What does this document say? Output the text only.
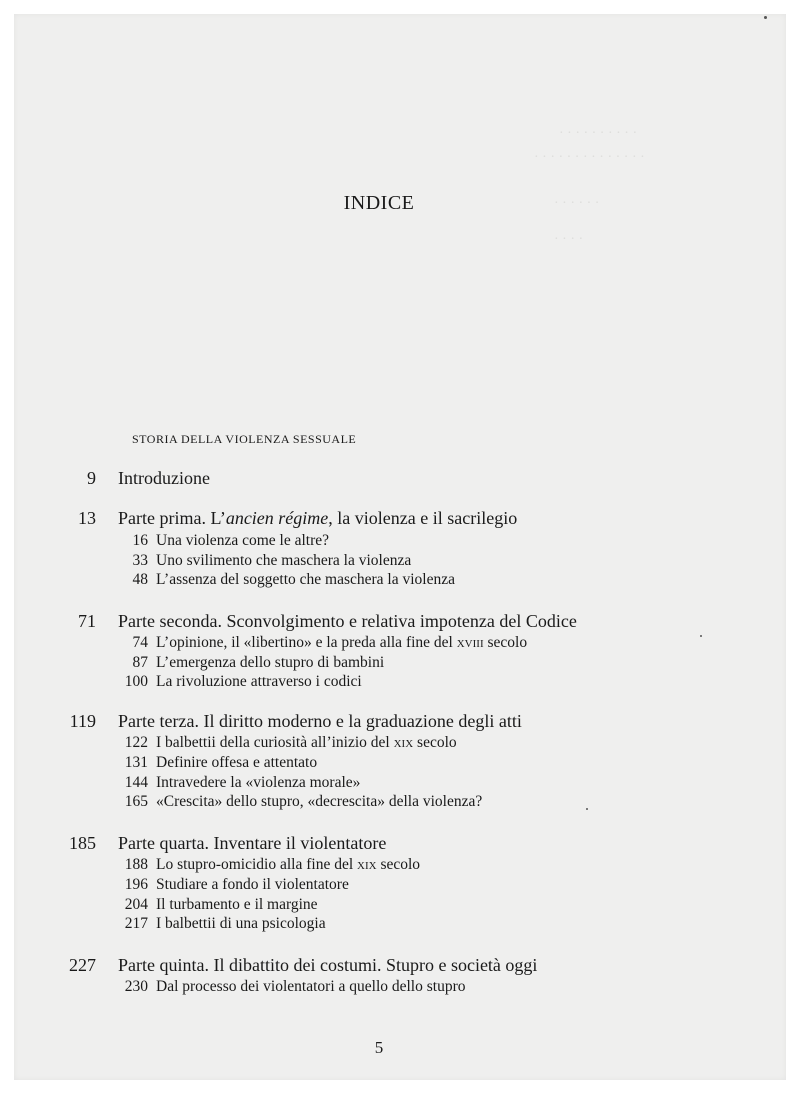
· · · · · · · · · ·
· · · · · · · · · · · · · ·
· · · · · ·
· · · ·
INDICE
STORIA DELLA VIOLENZA SESSUALE
9 Introduzione
13 Parte prima. L’ancien régime, la violenza e il sacrilegio
16 Una violenza come le altre?
33 Uno svilimento che maschera la violenza
48 L’assenza del soggetto che maschera la violenza
71 Parte seconda. Sconvolgimento e relativa impotenza del Codice
74 L’opinione, il «libertino» e la preda alla fine del xviii secolo
87 L’emergenza dello stupro di bambini
100 La rivoluzione attraverso i codici
119 Parte terza. Il diritto moderno e la graduazione degli atti
122 I balbettii della curiosità all’inizio del xix secolo
131 Definire offesa e attentato
144 Intravedere la «violenza morale»
165 «Crescita» dello stupro, «decrescita» della violenza?
185 Parte quarta. Inventare il violentatore
188 Lo stupro-omicidio alla fine del xix secolo
196 Studiare a fondo il violentatore
204 Il turbamento e il margine
217 I balbettii di una psicologia
227 Parte quinta. Il dibattito dei costumi. Stupro e società oggi
230 Dal processo dei violentatori a quello dello stupro
5
